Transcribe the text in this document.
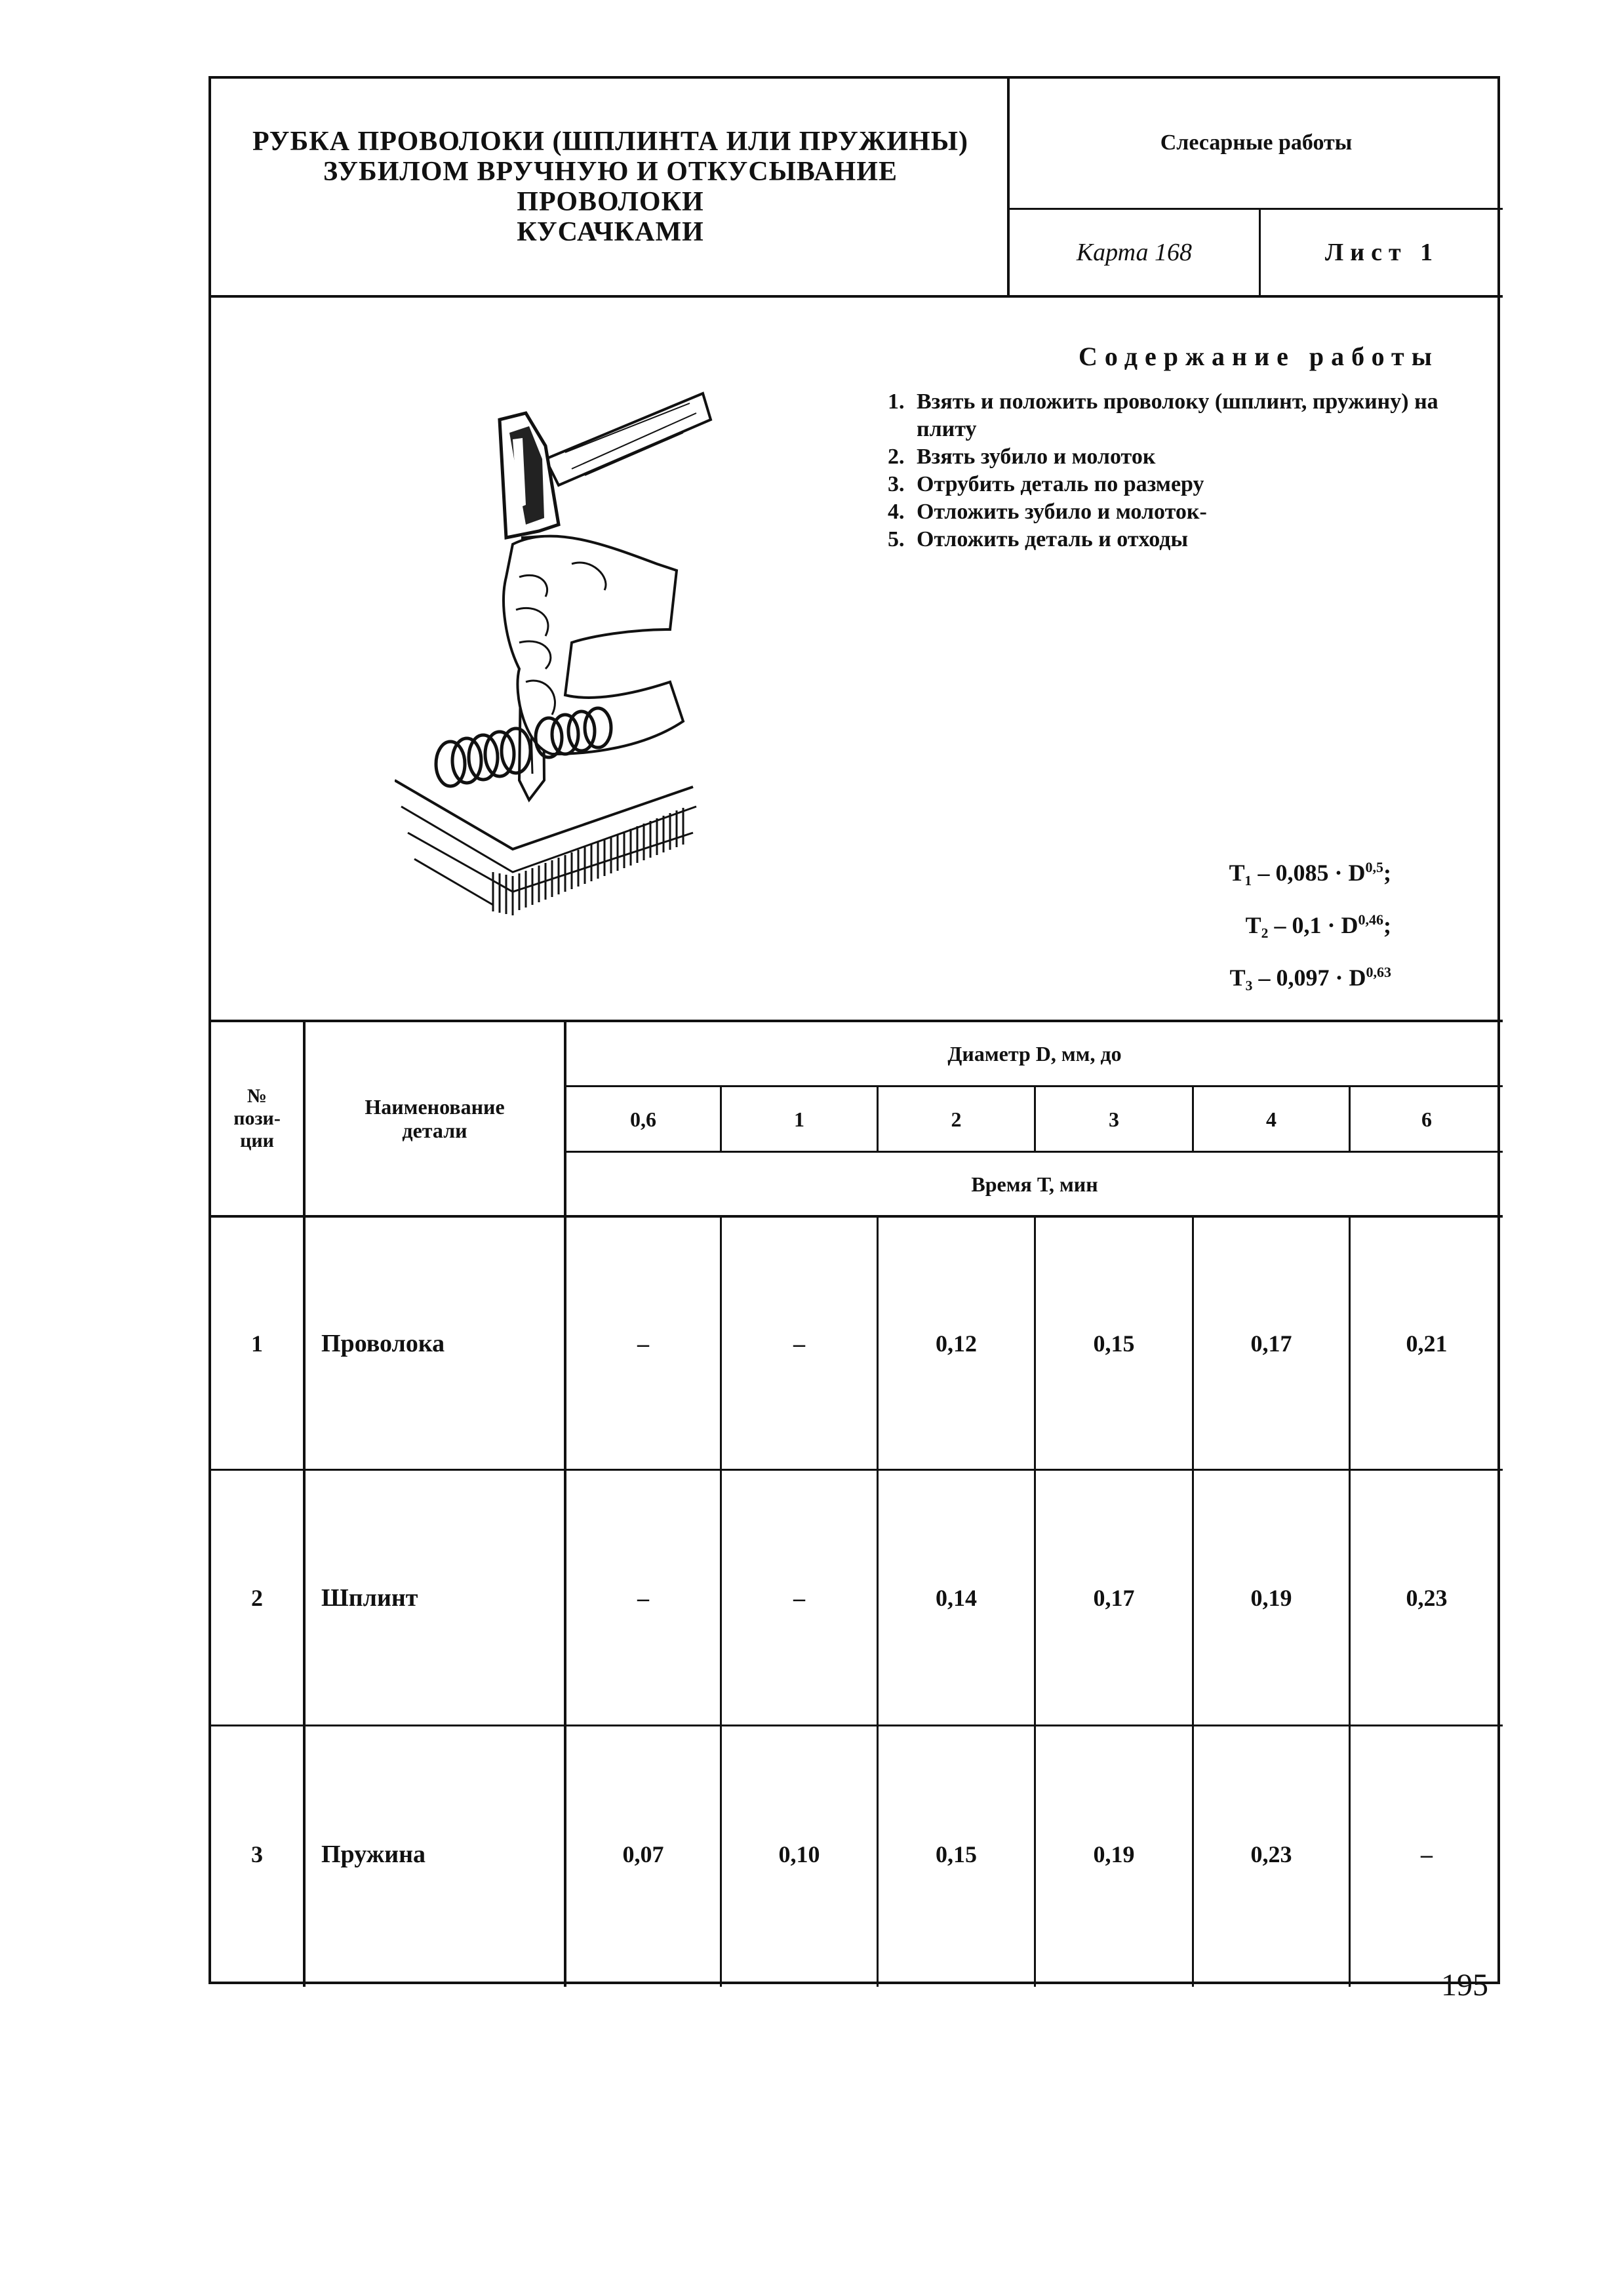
РУБКА ПРОВОЛОКИ (ШПЛИНТА ИЛИ ПРУЖИНЫ)
ЗУБИЛОМ ВРУЧНУЮ И ОТКУСЫВАНИЕ ПРОВОЛОКИ
КУСАЧКАМИ
Слесарные работы
Карта 168	Лист 1
Содержание работы
1. Взять и положить проволоку (шплинт, пружину) на плиту
2. Взять зубило и молоток
3. Отрубить деталь по размеру
4. Отложить зубило и молоток-
5. Отложить деталь и отходы
T₁ – 0,085 · D$^{0,5}$;
T₂ – 0,1 · D$^{0,46}$;
T₃ – 0,097 · D$^{0,63}$
№
пози-
ции
Наименование
детали
Диаметр D, мм, до
0,6	1	2	3	4	6
Время Т, мин
1	Проволока	–	–	0,12	0,15	0,17	0,21
2	Шплинт	–	–	0,14	0,17	0,19	0,23
3	Пружина	0,07	0,10	0,15	0,19	0,23	–
195
